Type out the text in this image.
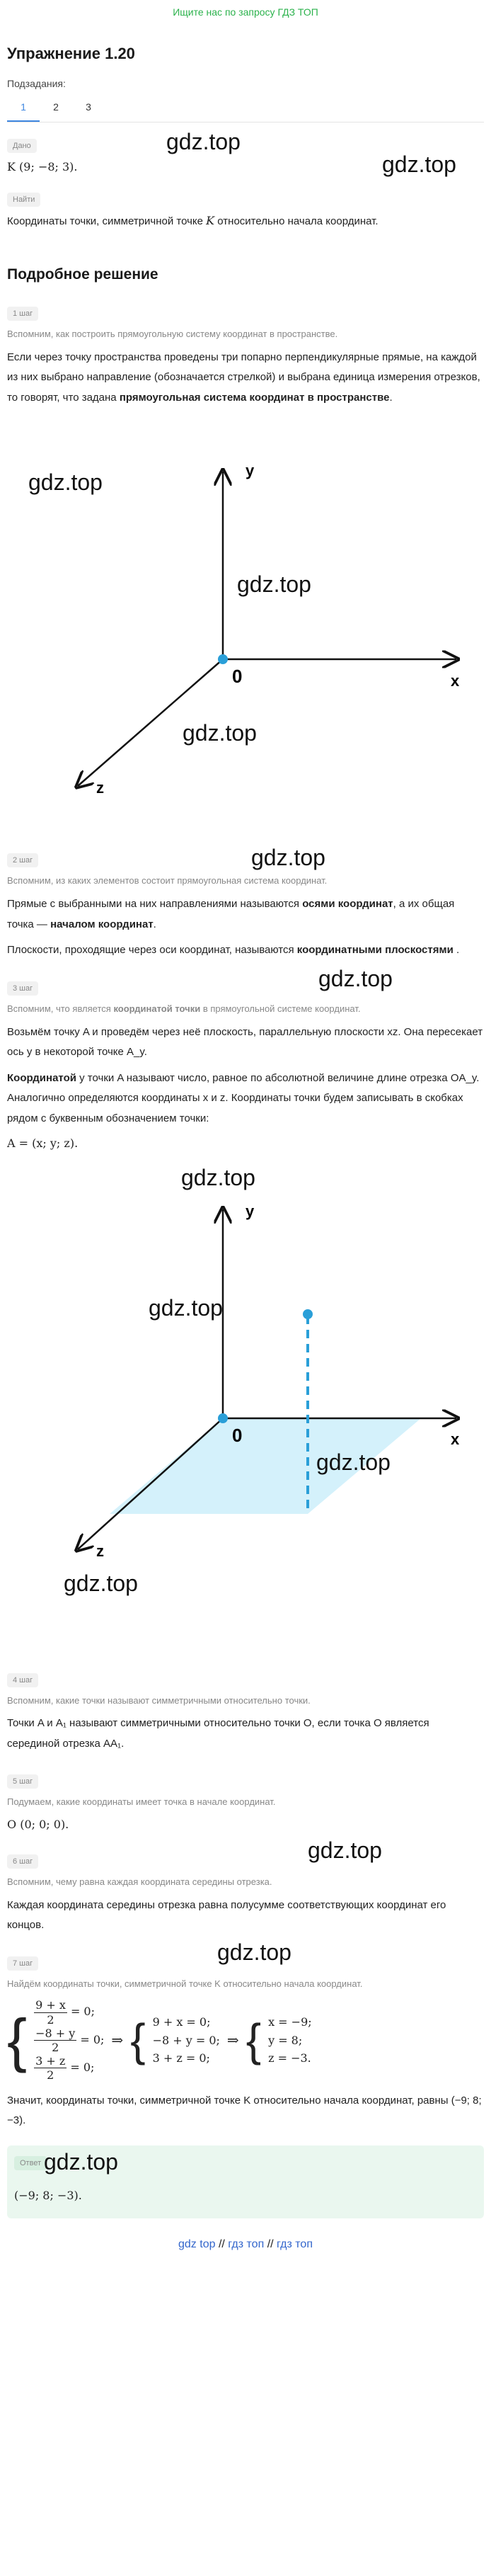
Ищите нас по запросу ГДЗ ТОП
Упражнение 1.20
Подзадания:
1	2	3
Дано
K (9; −8; 3).
gdz.top
gdz.top
Найти
Координаты точки, симметричной точке K относительно начала координат.
Подробное решение
1 шаг
Вспомним, как построить прямоугольную систему координат в пространстве.

Если через точку пространства проведены три попарно перпендикулярные прямые, на каждой из них выбрано направление (обозначается стрелкой) и выбрана единица измерения отрезков, то говорят, что задана прямоугольная система координат в пространстве.

y
x
z
0
gdz.top
gdz.top
gdz.top
2 шаг	gdz.top
Вспомним, из каких элементов состоит прямоугольная система координат.

Прямые с выбранными на них направлениями называются осями координат, а их общая точка — началом координат.

Плоскости, проходящие через оси координат, называются координатными плоскостями .

gdz.top
3 шаг
Вспомним, что является координатой точки в прямоугольной системе координат.

Возьмём точку A и проведём через неё плоскость, параллельную плоскости xz. Она пересекает ось y в некоторой точке A_y.

Координатой y точки A называют число, равное по абсолютной величине длине отрезка OA_y. Аналогично определяются координаты x и z. Координаты точки будем записывать в скобках рядом с буквенным обозначением точки:

A = (x; y; z).

y
x
z
0
gdz.top
gdz.top
gdz.top
gdz.top
4 шаг
Вспомним, какие точки называют симметричными относительно точки.

Точки A и A₁ называют симметричными относительно точки O, если точка O является серединой отрезка AA₁.

5 шаг
Подумаем, какие координаты имеет точка в начале координат.

O (0; 0; 0).

gdz.top
6 шаг
Вспомним, чему равна каждая координата середины отрезка.

Каждая координата середины отрезка равна полусумме соответствующих координат его концов.

gdz.top
7 шаг
Найдём координаты точки, симметричной точке K относительно начала координат.
{ $\frac{9 + x}{2} = 0$;
$\frac{-8 + y}{2} = 0$;
$\frac{3 + z}{2} = 0$;
⇒ { 9 + x = 0;
−8 + y = 0;
3 + z = 0;
⇒ { x = −9;
y = 8;
z = −3.

Значит, координаты точки, симметричной точке K относительно начала координат, равны (−9; 8; −3).

Ответ gdz.top
(−9; 8; −3).
gdz top // гдз топ // гдз топ
